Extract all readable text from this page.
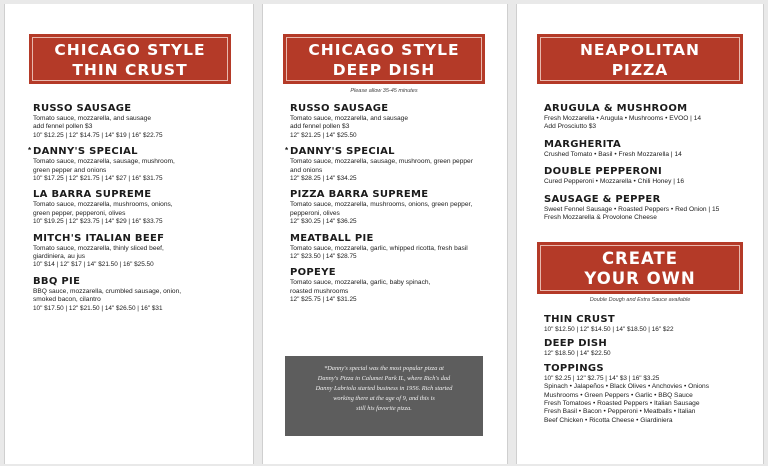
CHICAGO STYLE
THIN CRUST
RUSSO SAUSAGE
Tomato sauce, mozzarella, and sausage
add fennel pollen $3
10" $12.25 | 12" $14.75 | 14" $19 | 16" $22.75
* DANNY'S SPECIAL
Tomato sauce, mozzarella, sausage, mushroom,
green pepper and onions
10" $17.25 | 12" $21.75 | 14" $27 | 16" $31.75
LA BARRA SUPREME
Tomato sauce, mozzarella, mushrooms, onions,
green pepper, pepperoni, olives
10" $19.25 | 12" $23.75 | 14" $29 | 16" $33.75
MITCH'S ITALIAN BEEF
Tomato sauce, mozzarella, thinly sliced beef,
giardiniera, au jus
10" $14 | 12" $17 | 14" $21.50 | 16" $25.50
BBQ PIE
BBQ sauce, mozzarella, crumbled sausage, onion,
smoked bacon, cilantro
10" $17.50 | 12" $21.50 | 14" $26.50 | 16" $31
CHICAGO STYLE
DEEP DISH
Please allow 35-45 minutes
RUSSO SAUSAGE
Tomato sauce, mozzarella, and sausage
add fennel pollen $3
12" $21.25 | 14" $25.50
* DANNY'S SPECIAL
Tomato sauce, mozzarella, sausage, mushroom, green pepper
and onions
12" $28.25 | 14" $34.25
PIZZA BARRA SUPREME
Tomato sauce, mozzarella, mushrooms, onions, green pepper,
pepperoni, olives
12" $30.25 | 14" $36.25
MEATBALL PIE
Tomato sauce, mozzarella, garlic, whipped ricotta, fresh basil
12" $23.50 | 14" $28.75
POPEYE
Tomato sauce, mozzarella, garlic, baby spinach,
roasted mushrooms
12" $25.75 | 14" $31.25
*Danny's special was the most popular pizza at
Danny's Pizza in Calumet Park IL, where Rich's dad
Danny Labriola started business in 1956. Rich started
working there at the age of 9, and this is
still his favorite pizza.
NEAPOLITAN
PIZZA
ARUGULA & MUSHROOM
Fresh Mozzarella • Arugula • Mushrooms • EVOO | 14
Add Prosciutto $3
MARGHERITA
Crushed Tomato • Basil • Fresh Mozzarella | 14
DOUBLE PEPPERONI
Cured Pepperoni • Mozzarella • Chili Honey | 16
SAUSAGE & PEPPER
Sweet Fennel Sausage • Roasted Peppers • Red Onion | 15
Fresh Mozzarella & Provolone Cheese
CREATE
YOUR OWN
Double Dough and Extra Sauce available
THIN CRUST
10" $12.50 | 12" $14.50 | 14" $18.50 | 16" $22
DEEP DISH
12" $18.50 | 14" $22.50
TOPPINGS
10" $2.25 | 12" $2.75 | 14" $3 | 16" $3.25
Spinach • Jalapeños • Black Olives • Anchovies • Onions
Mushrooms • Green Peppers • Garlic • BBQ Sauce
Fresh Tomatoes • Roasted Peppers • Italian Sausage
Fresh Basil • Bacon • Pepperoni • Meatballs • Italian
Beef Chicken • Ricotta Cheese • Giardiniera
